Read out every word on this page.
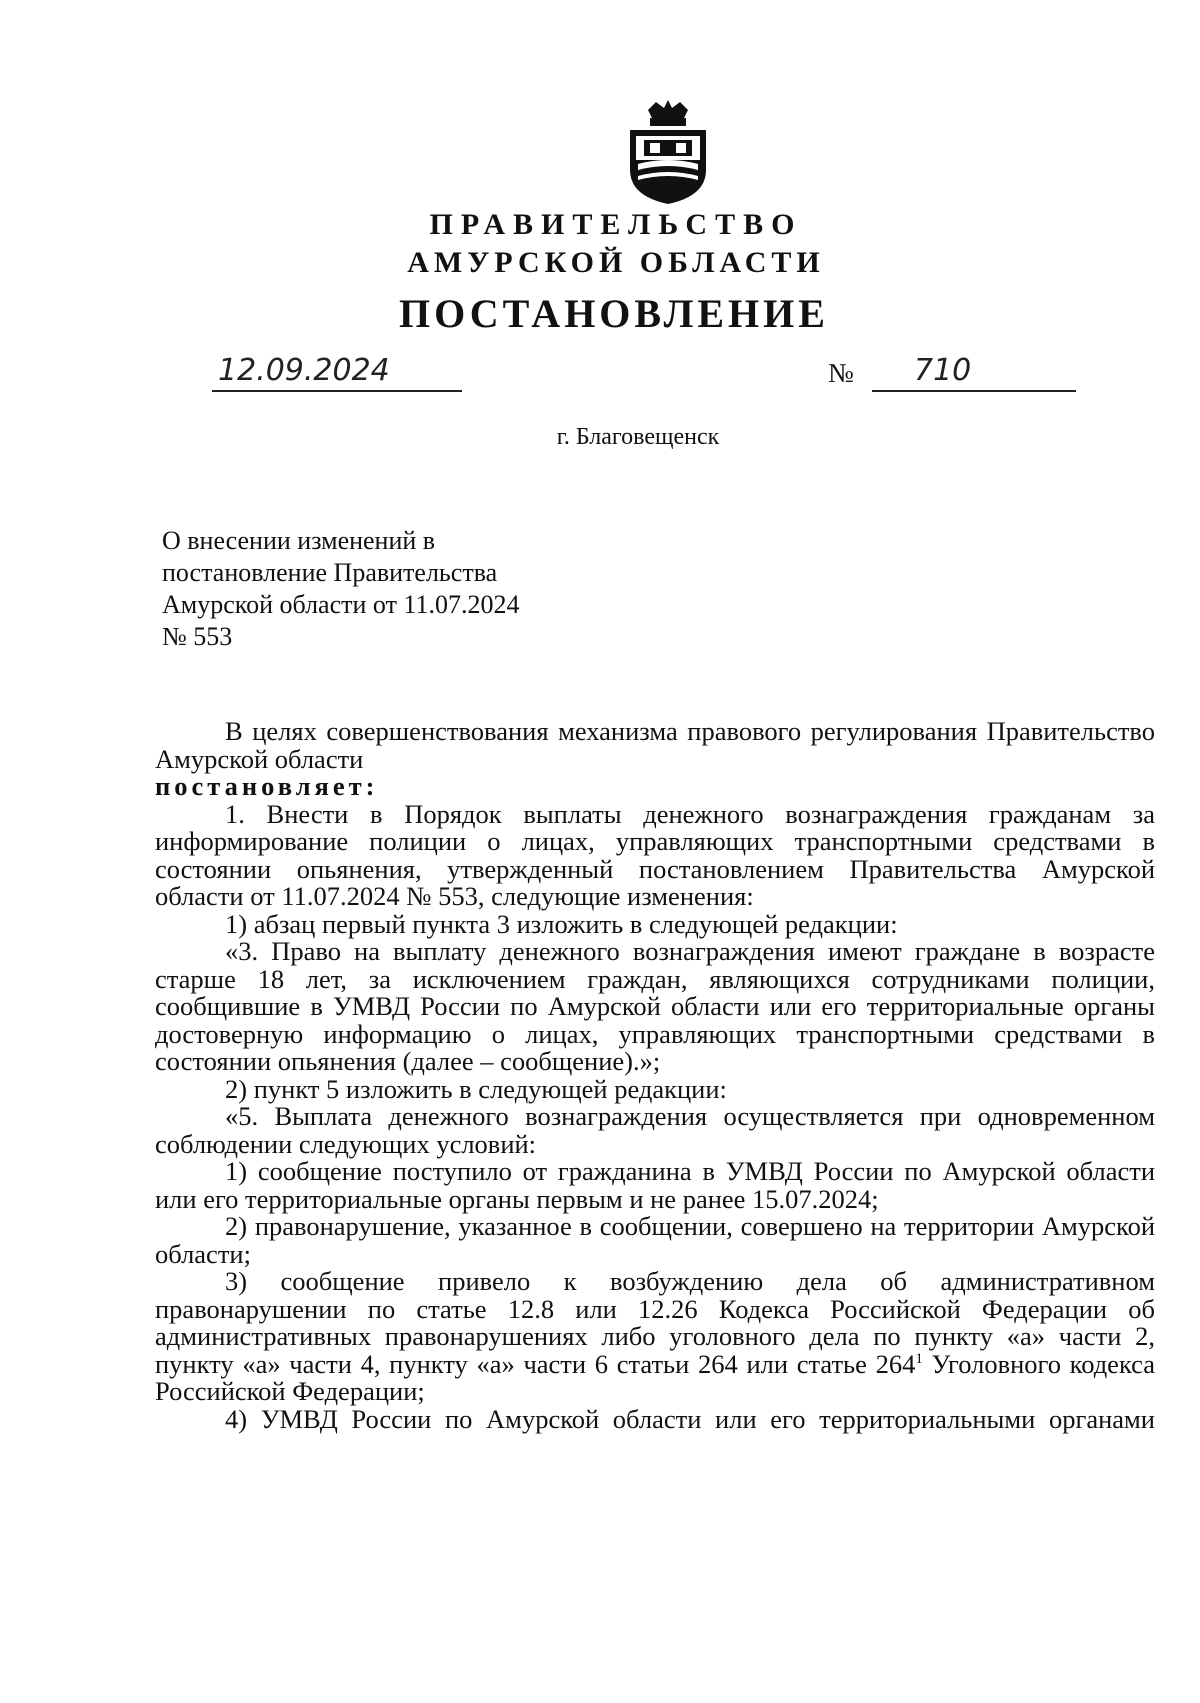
ПРАВИТЕЛЬСТВО
АМУРСКОЙ ОБЛАСТИ
ПОСТАНОВЛЕНИЕ
12.09.2024	№ 710
г. Благовещенск
О внесении изменений в
постановление Правительства
Амурской области от 11.07.2024
№ 553

В целях совершенствования механизма правового регулирования Правительство Амурской области

постановляет:

1. Внести в Порядок выплаты денежного вознаграждения гражданам за информирование полиции о лицах, управляющих транспортными средствами в состоянии опьянения, утвержденный постановлением Правительства Амурской области от 11.07.2024 № 553, следующие изменения:

1) абзац первый пункта 3 изложить в следующей редакции:

«3. Право на выплату денежного вознаграждения имеют граждане в возрасте старше 18 лет, за исключением граждан, являющихся сотрудниками полиции, сообщившие в УМВД России по Амурской области или его территориальные органы достоверную информацию о лицах, управляющих транспортными средствами в состоянии опьянения (далее – сообщение).»;

2) пункт 5 изложить в следующей редакции:

«5. Выплата денежного вознаграждения осуществляется при одновременном соблюдении следующих условий:

1) сообщение поступило от гражданина в УМВД России по Амурской области или его территориальные органы первым и не ранее 15.07.2024;

2) правонарушение, указанное в сообщении, совершено на территории Амурской области;

3) сообщение привело к возбуждению дела об административном правонарушении по статье 12.8 или 12.26 Кодекса Российской Федерации об административных правонарушениях либо уголовного дела по пункту «а» части 2, пункту «а» части 4, пункту «а» части 6 статьи 264 или статье $264^1$ Уголовного кодекса Российской Федерации;

4) УМВД России по Амурской области или его территориальными органами
